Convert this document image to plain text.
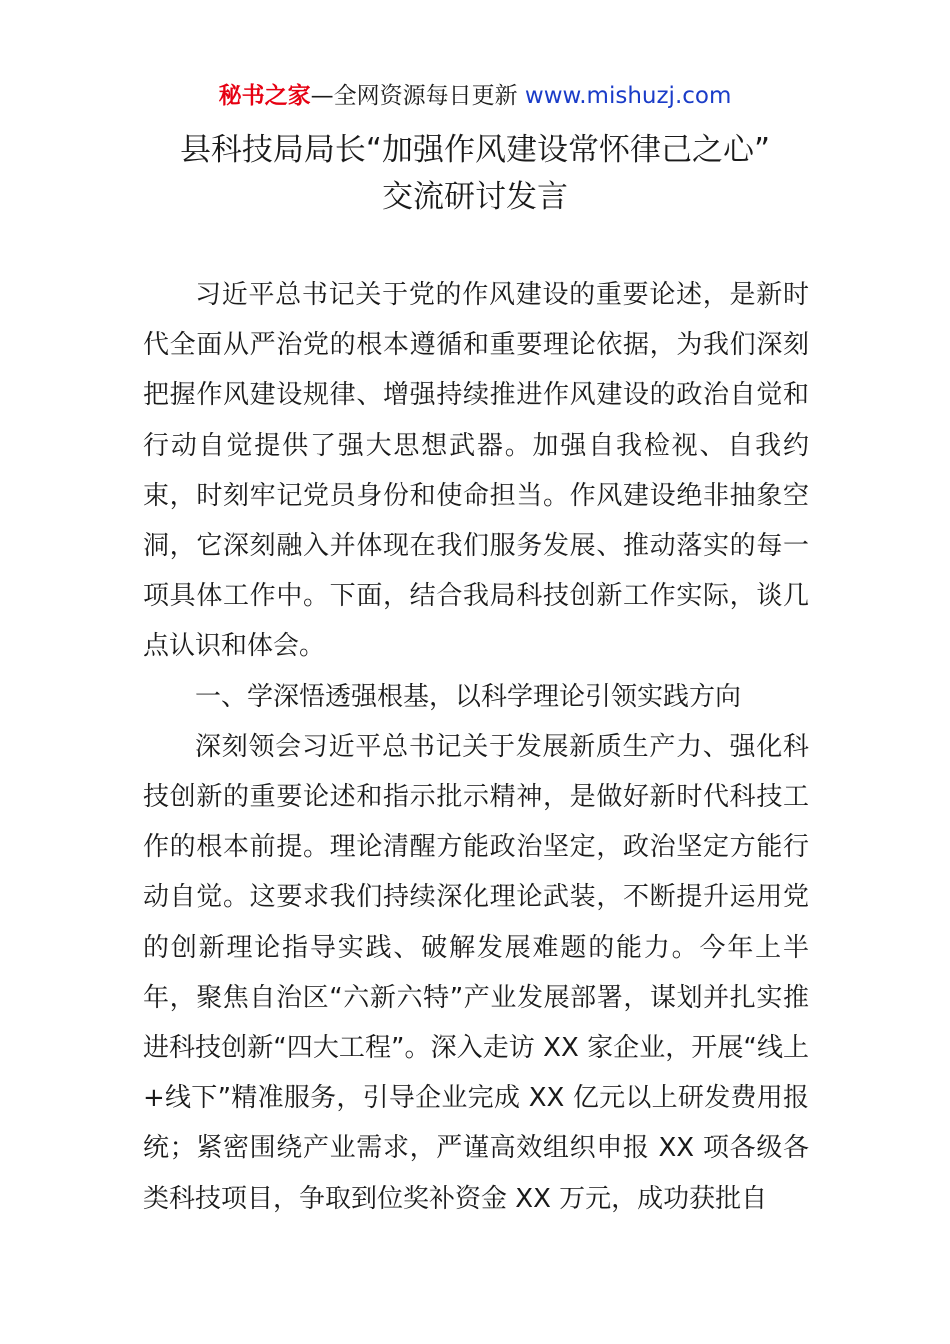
秘书之家—全网资源每日更新 www.mishuzj.com
县科技局局长“加强作风建设常怀律己之心”
交流研讨发言

习近平总书记关于党的作风建设的重要论述，是新时代全面从严治党的根本遵循和重要理论依据，为我们深刻把握作风建设规律、增强持续推进作风建设的政治自觉和行动自觉提供了强大思想武器。加强自我检视、自我约束，时刻牢记党员身份和使命担当。作风建设绝非抽象空洞，它深刻融入并体现在我们服务发展、推动落实的每一项具体工作中。下面，结合我局科技创新工作实际，谈几点认识和体会。

一、学深悟透强根基，以科学理论引领实践方向

深刻领会习近平总书记关于发展新质生产力、强化科技创新的重要论述和指示批示精神，是做好新时代科技工作的根本前提。理论清醒方能政治坚定，政治坚定方能行动自觉。这要求我们持续深化理论武装，不断提升运用党的创新理论指导实践、破解发展难题的能力。今年上半年，聚焦自治区“六新六特”产业发展部署，谋划并扎实推进科技创新“四大工程”。深入走访 XX 家企业，开展“线上+线下”精准服务，引导企业完成 XX 亿元以上研发费用报统；紧密围绕产业需求，严谨高效组织申报 XX 项各级各类科技项目，争取到位奖补资金 XX 万元，成功获批自
